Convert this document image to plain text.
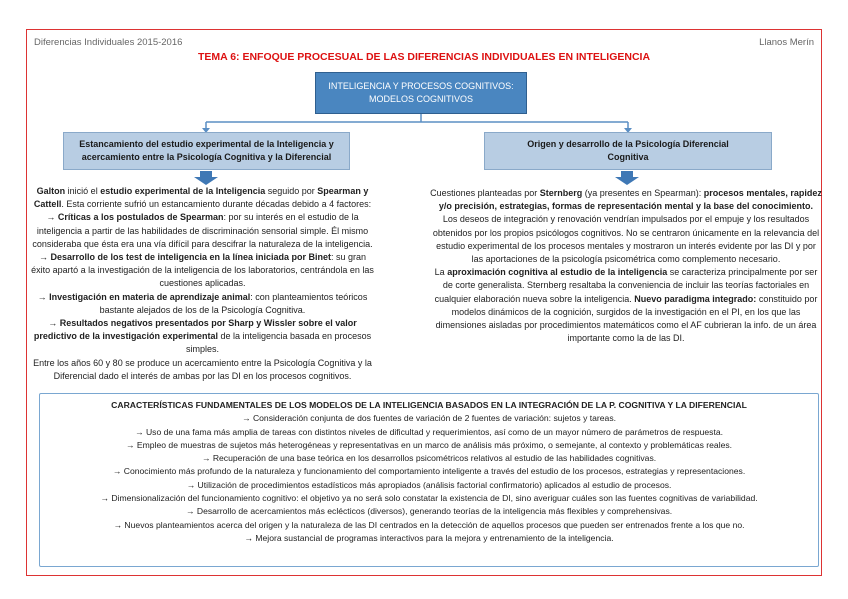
Diferencias Individuales 2015-2016	Llanos Merín
TEMA 6: ENFOQUE PROCESUAL DE LAS DIFERENCIAS INDIVIDUALES EN INTELIGENCIA
INTELIGENCIA Y PROCESOS COGNITIVOS:
MODELOS COGNITIVOS
Estancamiento del estudio experimental de la Inteligencia y
acercamiento entre la Psicología Cognitiva y la Diferencial
Origen y desarrollo de la Psicología Diferencial
Cognitiva

Galton inició el estudio experimental de la Inteligencia seguido por Spearman y Cattell. Esta corriente sufrió un estancamiento durante décadas debido a 4 factores:

→ Críticas a los postulados de Spearman: por su interés en el estudio de la inteligencia a partir de las habilidades de discriminación sensorial simple. Él mismo consideraba que ésta era una vía difícil para descifrar la naturaleza de la inteligencia.

→ Desarrollo de los test de inteligencia en la línea iniciada por Binet: su gran éxito apartó a la investigación de la inteligencia de los laboratorios, centrándola en las cuestiones aplicadas.

→ Investigación en materia de aprendizaje animal: con planteamientos teóricos bastante alejados de los de la Psicología Cognitiva.

→ Resultados negativos presentados por Sharp y Wissler sobre el valor predictivo de la investigación experimental de la inteligencia basada en procesos simples.

Entre los años 60 y 80 se produce un acercamiento entre la Psicología Cognitiva y la Diferencial dado el interés de ambas por las DI en los procesos cognitivos.

Cuestiones planteadas por Sternberg (ya presentes en Spearman): procesos mentales, rapidez y/o precisión, estrategias, formas de representación mental y la base del conocimiento.

Los deseos de integración y renovación vendrían impulsados por el empuje y los resultados obtenidos por los propios psicólogos cognitivos. No se centraron únicamente en la relevancia del estudio experimental de los procesos mentales y mostraron un interés evidente por las DI y por las aportaciones de la psicología psicométrica como complemento necesario.

La aproximación cognitiva al estudio de la inteligencia se caracteriza principalmente por ser de corte generalista. Sternberg resaltaba la conveniencia de incluir las teorías factoriales en cualquier elaboración nueva sobre la inteligencia. Nuevo paradigma integrado: constituido por modelos dinámicos de la cognición, surgidos de la investigación en el PI, en los que las dimensiones aisladas por procedimientos matemáticos como el AF cubrieran la info. de un área importante como la de las DI.

CARACTERÍSTICAS FUNDAMENTALES DE LOS MODELOS DE LA INTELIGENCIA BASADOS EN LA INTEGRACIÓN DE LA P. COGNITIVA Y LA DIFERENCIAL

→ Consideración conjunta de dos fuentes de variación de 2 fuentes de variación: sujetos y tareas.

→ Uso de una fama más amplia de tareas con distintos niveles de dificultad y requerimientos, así como de un mayor número de parámetros de respuesta.

→ Empleo de muestras de sujetos más heterogéneas y representativas en un marco de análisis más próximo, o semejante, al contexto y problemáticas reales.

→ Recuperación de una base teórica en los desarrollos psicométricos relativos al estudio de las habilidades cognitivas.

→ Conocimiento más profundo de la naturaleza y funcionamiento del comportamiento inteligente a través del estudio de los procesos, estrategias y representaciones.

→ Utilización de procedimientos estadísticos más apropiados (análisis factorial confirmatorio) aplicados al estudio de procesos.

→ Dimensionalización del funcionamiento cognitivo: el objetivo ya no será solo constatar la existencia de DI, sino averiguar cuáles son las fuentes cognitivas de variabilidad.

→ Desarrollo de acercamientos más eclécticos (diversos), generando teorías de la inteligencia más flexibles y comprehensivas.

→ Nuevos planteamientos acerca del origen y la naturaleza de las DI centrados en la detección de aquellos procesos que pueden ser entrenados frente a los que no.

→ Mejora sustancial de programas interactivos para la mejora y entrenamiento de la inteligencia.
